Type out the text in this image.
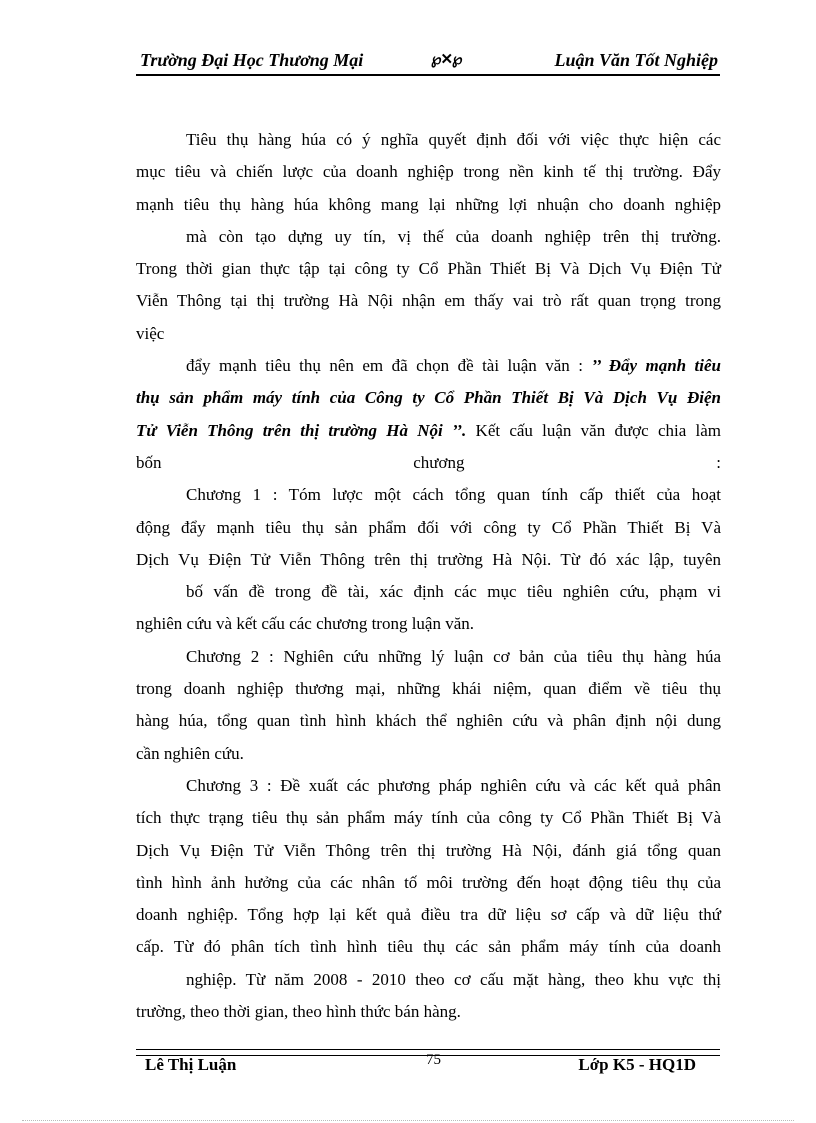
Trường Đại Học Thương Mại	℘✕℘	Luận Văn Tốt Nghiệp
Tiêu thụ hàng húa có ý nghĩa quyết định đối với việc thực hiện các
mục tiêu và chiến lược của doanh nghiệp trong nền kinh tế thị trường. Đẩy
mạnh tiêu thụ hàng húa không mang lại những lợi nhuận cho doanh nghiệp
mà còn tạo dựng uy tín, vị thế của doanh nghiệp trên thị trường.
Trong thời gian thực tập tại công ty Cổ Phần Thiết Bị Và Dịch Vụ Điện Tử
Viễn Thông tại thị trường Hà Nội nhận em thấy vai trò rất quan trọng trong
việc
đẩy mạnh tiêu thụ nên em đã chọn đề tài luận văn : ’’ Đẩy mạnh tiêu
thụ sản phẩm máy tính của Công ty Cổ Phần Thiết Bị Và Dịch Vụ Điện
Tử Viễn Thông trên thị trường Hà Nội ’’. Kết cấu luận văn được chia làm
bốn chương :
Chương 1 : Tóm lược một cách tổng quan tính cấp thiết của hoạt
động đẩy mạnh tiêu thụ sản phẩm đối với công ty Cổ Phần Thiết Bị Và
Dịch Vụ Điện Tử Viễn Thông trên thị trường Hà Nội. Từ đó xác lập, tuyên
bố vấn đề trong đề tài, xác định các mục tiêu nghiên cứu, phạm vi
nghiên cứu và kết cấu các chương trong luận văn.
Chương 2 : Nghiên cứu những lý luận cơ bản của tiêu thụ hàng húa
trong doanh nghiệp thương mại, những khái niệm, quan điểm về tiêu thụ
hàng húa, tổng quan tình hình khách thể nghiên cứu và phân định nội dung
cần nghiên cứu.
Chương 3 : Đề xuất các phương pháp nghiên cứu và các kết quả phân
tích thực trạng tiêu thụ sản phẩm máy tính của công ty Cổ Phần Thiết Bị Và
Dịch Vụ Điện Tử Viễn Thông trên thị trường Hà Nội, đánh giá tổng quan
tình hình ảnh hưởng của các nhân tố môi trường đến hoạt động tiêu thụ của
doanh nghiệp. Tổng hợp lại kết quả điều tra dữ liệu sơ cấp và dữ liệu thứ
cấp. Từ đó phân tích tình hình tiêu thụ các sản phẩm máy tính của doanh
nghiệp. Từ năm 2008 - 2010 theo cơ cấu mặt hàng, theo khu vực thị
trường, theo thời gian, theo hình thức bán hàng.
Lê Thị Luận	75	Lớp K5 - HQ1D
